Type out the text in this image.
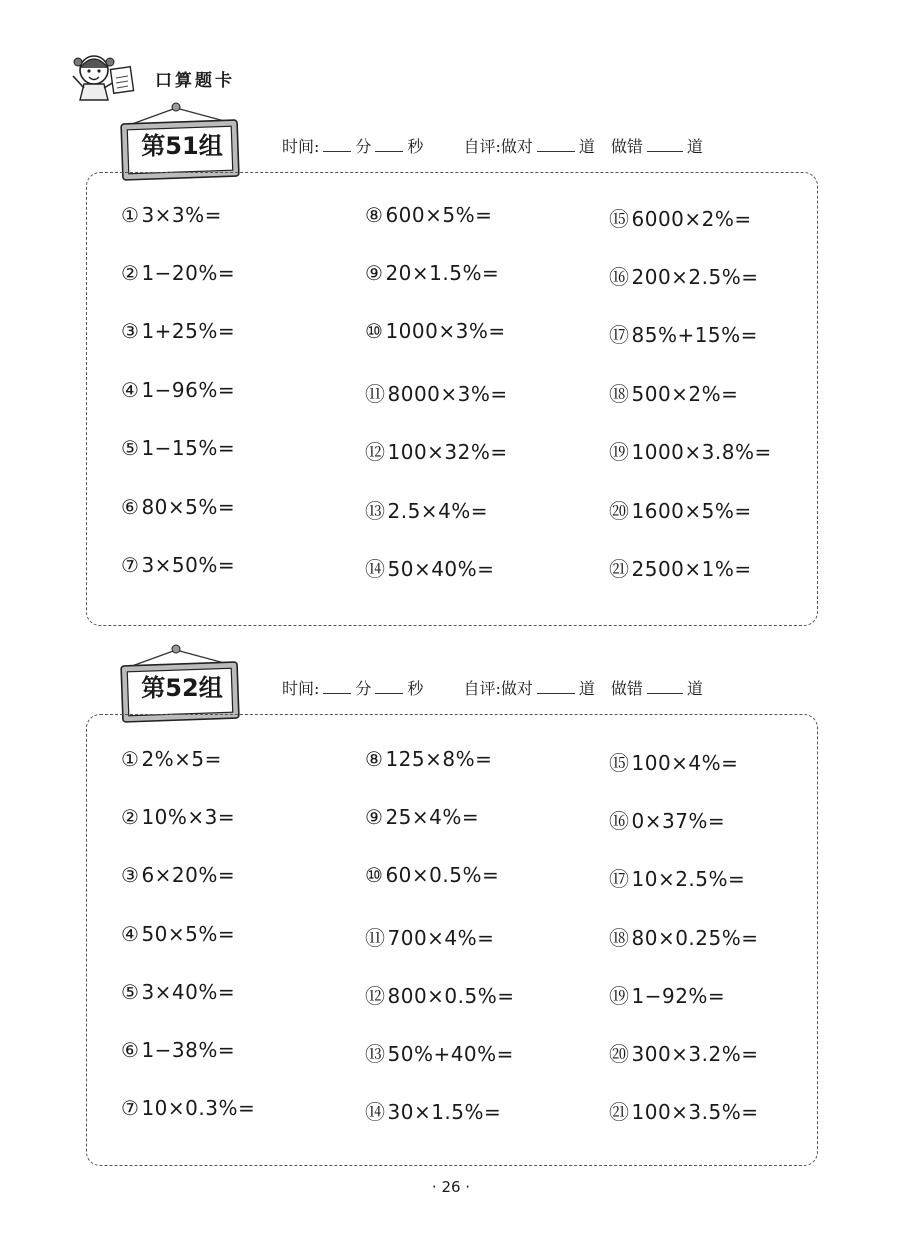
口算题卡
第51组	时间: 分 秒	自评:做对	道 做错	道
① 3×3%=
② 1−20%=
③ 1+25%=
④ 1−96%=
⑤ 1−15%=
⑥ 80×5%=
⑦ 3×50%=
⑧ 600×5%=
⑨ 20×1.5%=
⑩ 1000×3%=
⑪ 8000×3%=
⑫ 100×32%=
⑬ 2.5×4%=
⑭ 50×40%=
⑮ 6000×2%=
⑯ 200×2.5%=
⑰ 85%+15%=
⑱ 500×2%=
⑲ 1000×3.8%=
⑳ 1600×5%=
㉑ 2500×1%=
第52组	时间: 分 秒	自评:做对	道 做错	道
① 2%×5=
② 10%×3=
③ 6×20%=
④ 50×5%=
⑤ 3×40%=
⑥ 1−38%=
⑦ 10×0.3%=
⑧ 125×8%=
⑨ 25×4%=
⑩ 60×0.5%=
⑪ 700×4%=
⑫ 800×0.5%=
⑬ 50%+40%=
⑭ 30×1.5%=
⑮ 100×4%=
⑯ 0×37%=
⑰ 10×2.5%=
⑱ 80×0.25%=
⑲ 1−92%=
⑳ 300×3.2%=
㉑ 100×3.5%=
· 26 ·
